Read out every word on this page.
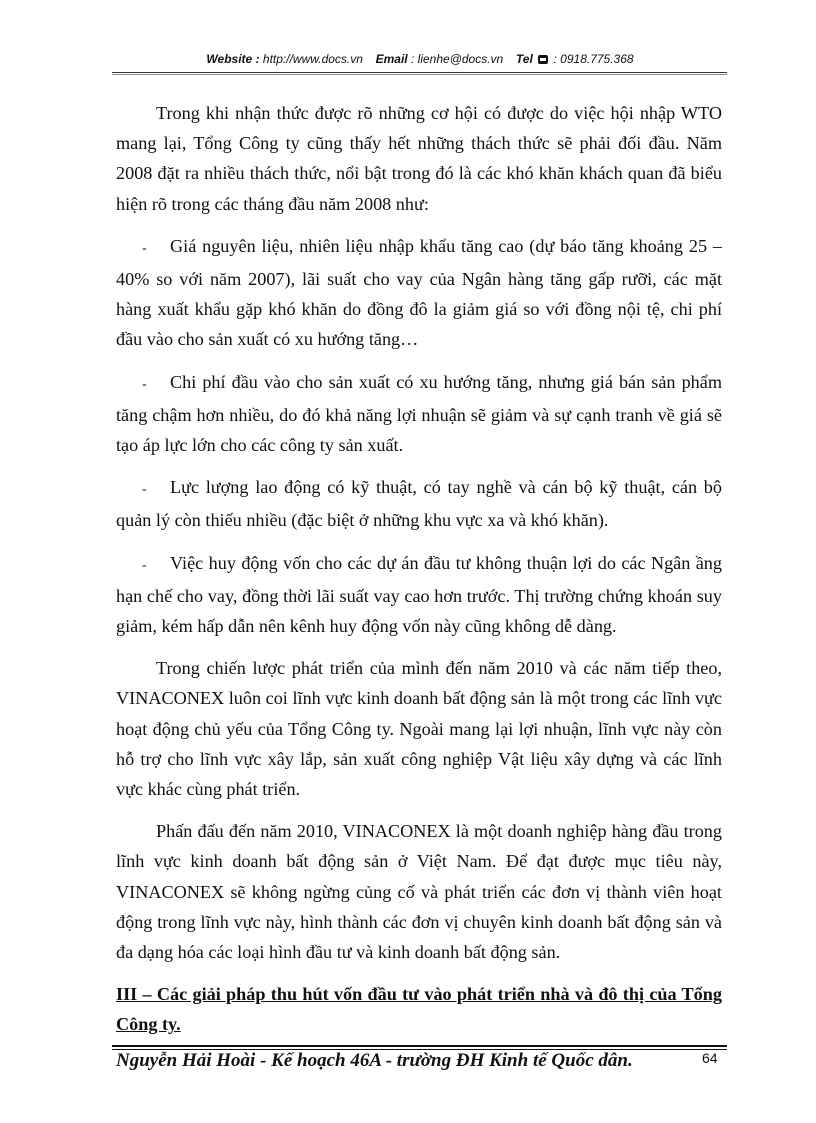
Website : http://www.docs.vn Email : lienhe@docs.vn Tel : 0918.775.368

Trong khi nhận thức được rõ những cơ hội có được do việc hội nhập WTO mang lại, Tổng Công ty cũng thấy hết những thách thức sẽ phải đối đầu. Năm 2008 đặt ra nhiều thách thức, nổi bật trong đó là các khó khăn khách quan đã biểu hiện rõ trong các tháng đầu năm 2008 như:

- Giá nguyên liệu, nhiên liệu nhập khẩu tăng cao (dự báo tăng khoảng 25 – 40% so với năm 2007), lãi suất cho vay của Ngân hàng tăng gấp rưỡi, các mặt hàng xuất khẩu gặp khó khăn do đồng đô la giảm giá so với đồng nội tệ, chi phí đầu vào cho sản xuất có xu hướng tăng…

- Chi phí đầu vào cho sản xuất có xu hướng tăng, nhưng giá bán sản phẩm tăng chậm hơn nhiều, do đó khả năng lợi nhuận sẽ giảm và sự cạnh tranh về giá sẽ tạo áp lực lớn cho các công ty sản xuất.

- Lực lượng lao động có kỹ thuật, có tay nghề và cán bộ kỹ thuật, cán bộ quản lý còn thiếu nhiều (đặc biệt ở những khu vực xa và khó khăn).

- Việc huy động vốn cho các dự án đầu tư không thuận lợi do các Ngân ầng hạn chế cho vay, đồng thời lãi suất vay cao hơn trước. Thị trường chứng khoán suy giảm, kém hấp dẫn nên kênh huy động vốn này cũng không dễ dàng.

Trong chiến lược phát triển của mình đến năm 2010 và các năm tiếp theo, VINACONEX luôn coi lĩnh vực kinh doanh bất động sản là một trong các lĩnh vực hoạt động chủ yếu của Tổng Công ty. Ngoài mang lại lợi nhuận, lĩnh vực này còn hỗ trợ cho lĩnh vực xây lắp, sản xuất công nghiệp Vật liệu xây dựng và các lĩnh vực khác cùng phát triển.

Phấn đấu đến năm 2010, VINACONEX là một doanh nghiệp hàng đầu trong lĩnh vực kinh doanh bất động sản ở Việt Nam. Để đạt được mục tiêu này, VINACONEX sẽ không ngừng củng cố và phát triển các đơn vị thành viên hoạt động trong lĩnh vực này, hình thành các đơn vị chuyên kinh doanh bất động sản và đa dạng hóa các loại hình đầu tư và kinh doanh bất động sản.

III – Các giải pháp thu hút vốn đầu tư vào phát triển nhà và đô thị của Tổng Công ty.

Nguyễn Hải Hoài - Kế hoạch 46A - trường ĐH Kinh tế Quốc dân.	64
